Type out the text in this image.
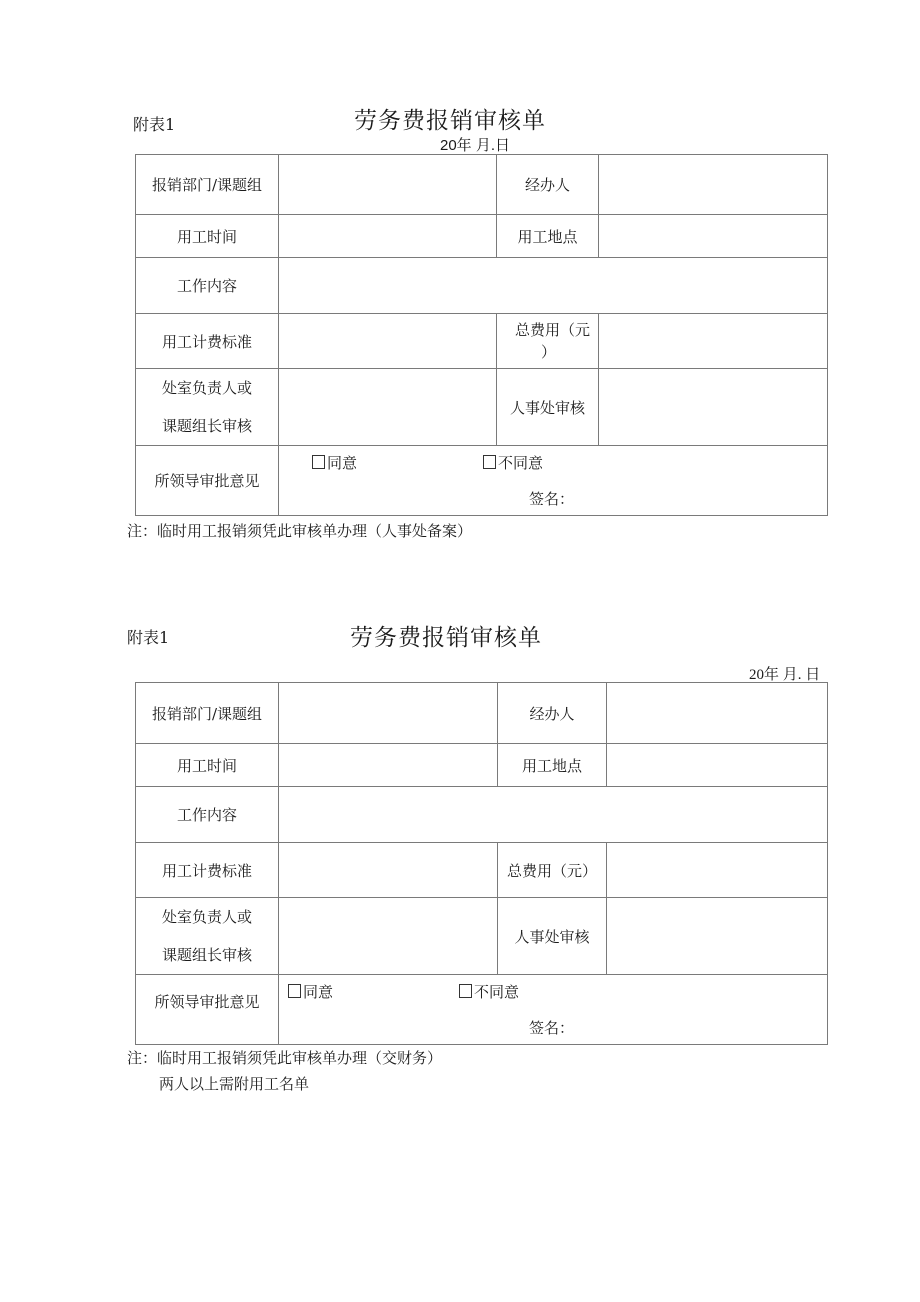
附表1	劳务费报销审核单
20年 月.日
报销部门/课题组		经办人	
用工时间		用工地点	
工作内容			
用工计费标准		总费用（元
）	

处室负责人或
课题组长审核		人事处审核	
所领导审批意见	同意 不同意
签名：		
注：临时用工报销须凭此审核单办理（人事处备案）
附表1	劳务费报销审核单
20年 月. 日
报销部门/课题组		经办人	
用工时间		用工地点	
工作内容			
用工计费标准		总费用（元）	

处室负责人或
课题组长审核		人事处审核	
所领导审批意见	同意 不同意
签名：		
注：临时用工报销须凭此审核单办理（交财务）
两人以上需附用工名单
